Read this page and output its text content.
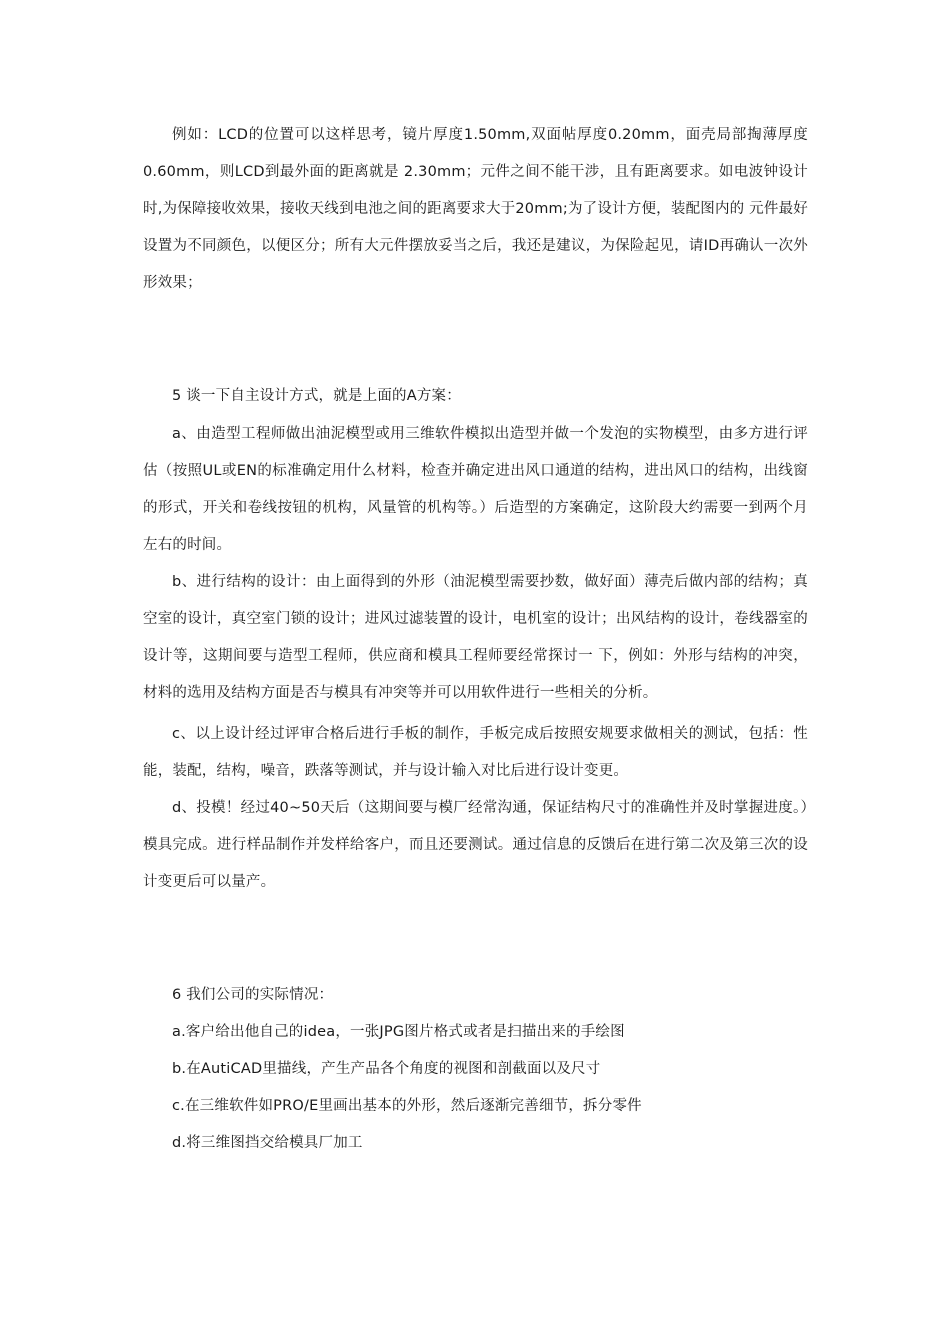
例如：LCD的位置可以这样思考，镜片厚度1.50mm,双面帖厚度0.20mm，面壳局部掏薄厚度0.60mm，则LCD到最外面的距离就是 2.30mm；元件之间不能干涉，且有距离要求。如电波钟设计时,为保障接收效果，接收天线到电池之间的距离要求大于20mm;为了设计方便，装配图内的 元件最好设置为不同颜色，以便区分；所有大元件摆放妥当之后，我还是建议，为保险起见，请ID再确认一次外形效果；

5 谈一下自主设计方式，就是上面的A方案：

a、由造型工程师做出油泥模型或用三维软件模拟出造型并做一个发泡的实物模型，由多方进行评估（按照UL或EN的标准确定用什么材料，检查并确定进出风口通道的结构，进出风口的结构，出线窗的形式，开关和卷线按钮的机构，风量管的机构等。）后造型的方案确定，这阶段大约需要一到两个月左右的时间。

b、进行结构的设计：由上面得到的外形（油泥模型需要抄数，做好面）薄壳后做内部的结构；真空室的设计，真空室门锁的设计；进风过滤装置的设计，电机室的设计；出风结构的设计，卷线器室的设计等，这期间要与造型工程师，供应商和模具工程师要经常探讨一 下，例如：外形与结构的冲突，材料的选用及结构方面是否与模具有冲突等并可以用软件进行一些相关的分析。

c、以上设计经过评审合格后进行手板的制作，手板完成后按照安规要求做相关的测试，包括：性能，装配，结构，噪音，跌落等测试，并与设计输入对比后进行设计变更。

d、投模！经过40~50天后（这期间要与模厂经常沟通，保证结构尺寸的准确性并及时掌握进度。）模具完成。进行样品制作并发样给客户，而且还要测试。通过信息的反馈后在进行第二次及第三次的设计变更后可以量产。

6 我们公司的实际情况：

a.客户给出他自己的idea，一张JPG图片格式或者是扫描出来的手绘图

b.在AutiCAD里描线，产生产品各个角度的视图和剖截面以及尺寸

c.在三维软件如PRO/E里画出基本的外形，然后逐渐完善细节，拆分零件

d.将三维图挡交给模具厂加工
